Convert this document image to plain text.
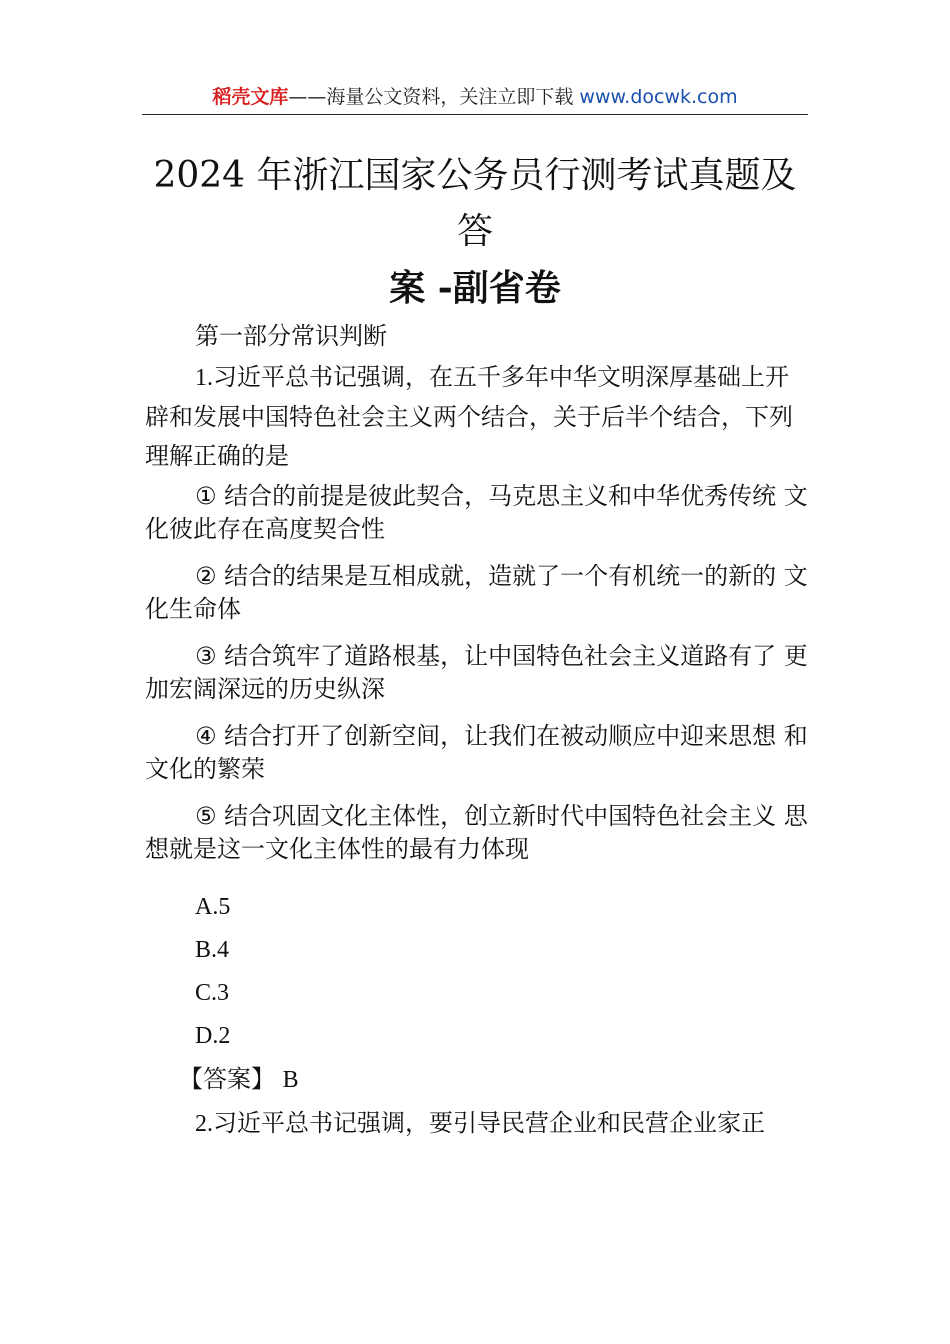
稻壳文库——海量公文资料，关注立即下载 www.docwk.com
2024 年浙江国家公务员行测考试真题及答
案 -副省卷

第一部分常识判断

1.习近平总书记强调，在五千多年中华文明深厚基础上开辟和发展中国特色社会主义两个结合，关于后半个结合，下列理解正确的是

① 结合的前提是彼此契合，马克思主义和中华优秀传统 文化彼此存在高度契合性

② 结合的结果是互相成就，造就了一个有机统一的新的 文化生命体

③ 结合筑牢了道路根基，让中国特色社会主义道路有了 更加宏阔深远的历史纵深

④ 结合打开了创新空间，让我们在被动顺应中迎来思想 和文化的繁荣

⑤ 结合巩固文化主体性，创立新时代中国特色社会主义 思想就是这一文化主体性的最有力体现

A.5

B.4

C.3

D.2

【答案】 B

2.习近平总书记强调，要引导民营企业和民营企业家正
